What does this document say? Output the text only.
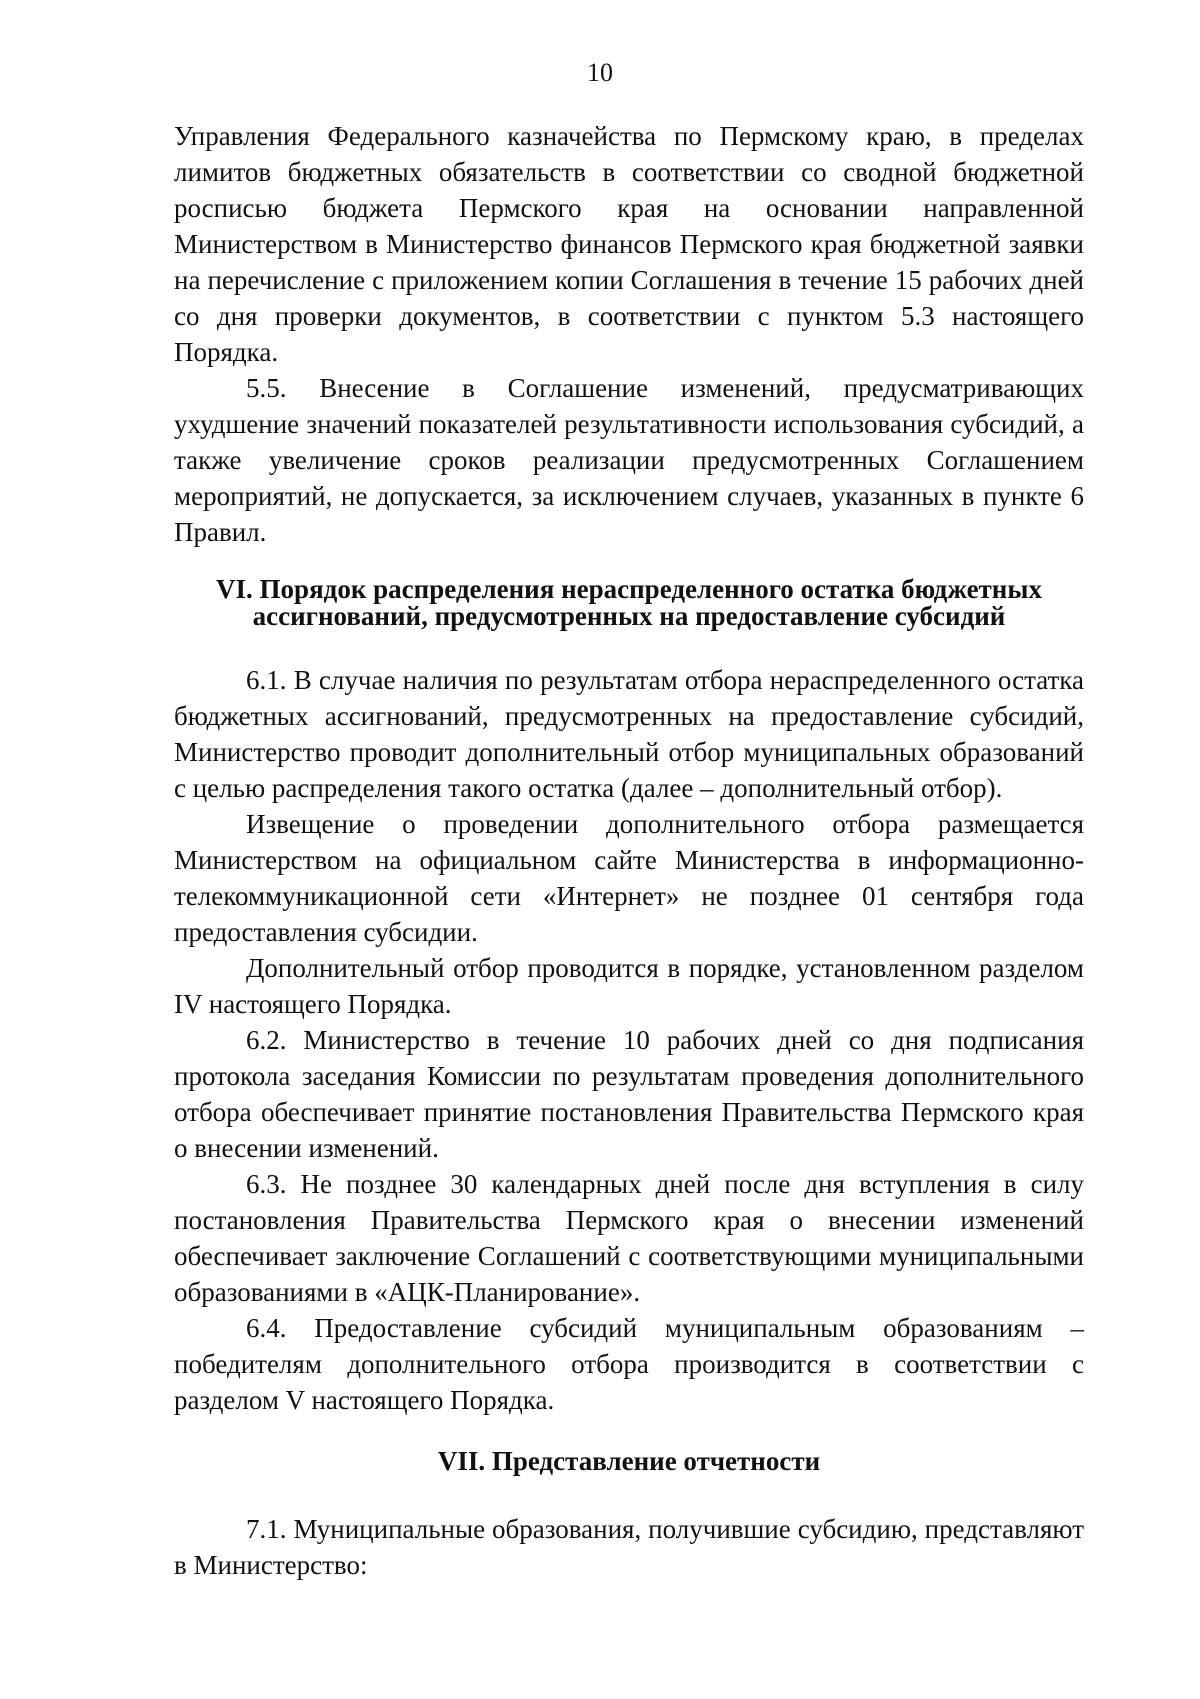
10

Управления Федерального казначейства по Пермскому краю, в пределах лимитов бюджетных обязательств в соответствии со сводной бюджетной росписью бюджета Пермского края на основании направленной Министерством в Министерство финансов Пермского края бюджетной заявки на перечисление с приложением копии Соглашения в течение 15 рабочих дней со дня проверки документов, в соответствии с пунктом 5.3 настоящего Порядка.

5.5. Внесение в Соглашение изменений, предусматривающих ухудшение значений показателей результативности использования субсидий, а также увеличение сроков реализации предусмотренных Соглашением мероприятий, не допускается, за исключением случаев, указанных в пункте 6 Правил.

VI. Порядок распределения нераспределенного остатка бюджетных
ассигнований, предусмотренных на предоставление субсидий

6.1. В случае наличия по результатам отбора нераспределенного остатка бюджетных ассигнований, предусмотренных на предоставление субсидий, Министерство проводит дополнительный отбор муниципальных образований с целью распределения такого остатка (далее – дополнительный отбор).

Извещение о проведении дополнительного отбора размещается Министерством на официальном сайте Министерства в информационно-телекоммуникационной сети «Интернет» не позднее 01 сентября года предоставления субсидии.

Дополнительный отбор проводится в порядке, установленном разделом IV настоящего Порядка.

6.2. Министерство в течение 10 рабочих дней со дня подписания протокола заседания Комиссии по результатам проведения дополнительного отбора обеспечивает принятие постановления Правительства Пермского края о внесении изменений.

6.3. Не позднее 30 календарных дней после дня вступления в силу постановления Правительства Пермского края о внесении изменений обеспечивает заключение Соглашений с соответствующими муниципальными образованиями в «АЦК-Планирование».

6.4. Предоставление субсидий муниципальным образованиям – победителям дополнительного отбора производится в соответствии с разделом V настоящего Порядка.

VII. Представление отчетности

7.1. Муниципальные образования, получившие субсидию, представляют в Министерство:
